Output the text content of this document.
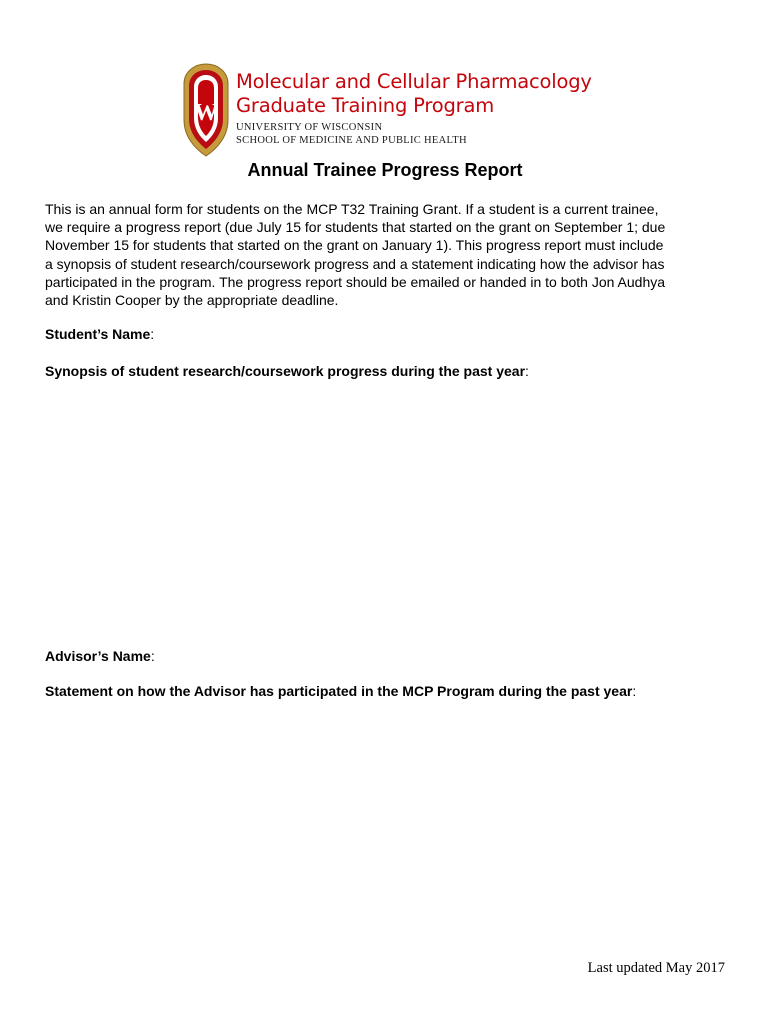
W
Molecular and Cellular Pharmacology
Graduate Training Program
UNIVERSITY OF WISCONSIN
SCHOOL OF MEDICINE AND PUBLIC HEALTH
Annual Trainee Progress Report
This is an annual form for students on the MCP T32 Training Grant. If a student is a current trainee,
we require a progress report (due July 15 for students that started on the grant on September 1; due
November 15 for students that started on the grant on January 1). This progress report must include
a synopsis of student research/coursework progress and a statement indicating how the advisor has
participated in the program. The progress report should be emailed or handed in to both Jon Audhya
and Kristin Cooper by the appropriate deadline.
Student’s Name:
Synopsis of student research/coursework progress during the past year:
Advisor’s Name:
Statement on how the Advisor has participated in the MCP Program during the past year:
Last updated May 2017
